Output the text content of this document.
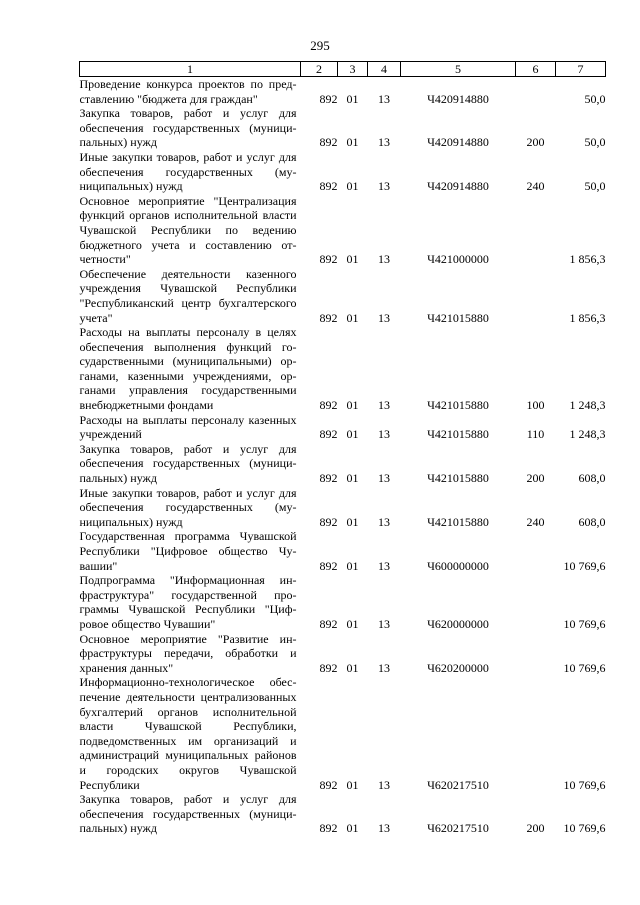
295
1	2	3	4	5	6	7
Проведение конкурса проектов по представлению "бюджета для граждан"	892	01	13	Ч420914880		50,0
Закупка товаров, работ и услуг для обеспечения государственных (муниципальных) нужд	892	01	13	Ч420914880	200	50,0
Иные закупки товаров, работ и услуг для обеспечения государственных (муниципальных) нужд	892	01	13	Ч420914880	240	50,0
Основное мероприятие "Централизация функций органов исполнительной власти Чувашской Республики по ведению бюджетного учета и составлению отчетности"	892	01	13	Ч421000000		1 856,3
Обеспечение деятельности казенного учреждения Чувашской Республики "Республиканский центр бухгалтерского учета"	892	01	13	Ч421015880		1 856,3
Расходы на выплаты персоналу в целях обеспечения выполнения функций государственными (муниципальными) органами, казенными учреждениями, органами управления государственными внебюджетными фондами	892	01	13	Ч421015880	100	1 248,3
Расходы на выплаты персоналу казенных учреждений	892	01	13	Ч421015880	110	1 248,3
Закупка товаров, работ и услуг для обеспечения государственных (муниципальных) нужд	892	01	13	Ч421015880	200	608,0
Иные закупки товаров, работ и услуг для обеспечения государственных (муниципальных) нужд	892	01	13	Ч421015880	240	608,0
Государственная программа Чувашской Республики "Цифровое общество Чувашии"	892	01	13	Ч600000000		10 769,6
Подпрограмма "Информационная инфраструктура" государственной программы Чувашской Республики "Цифровое общество Чувашии"	892	01	13	Ч620000000		10 769,6
Основное мероприятие "Развитие инфраструктуры передачи, обработки и хранения данных"	892	01	13	Ч620200000		10 769,6
Информационно-технологическое обеспечение деятельности централизованных бухгалтерий органов исполнительной власти Чувашской Республики, подведомственных им организаций и администраций муниципальных районов и городских округов Чувашской Республики	892	01	13	Ч620217510		10 769,6
Закупка товаров, работ и услуг для обеспечения государственных (муниципальных) нужд	892	01	13	Ч620217510	200	10 769,6
